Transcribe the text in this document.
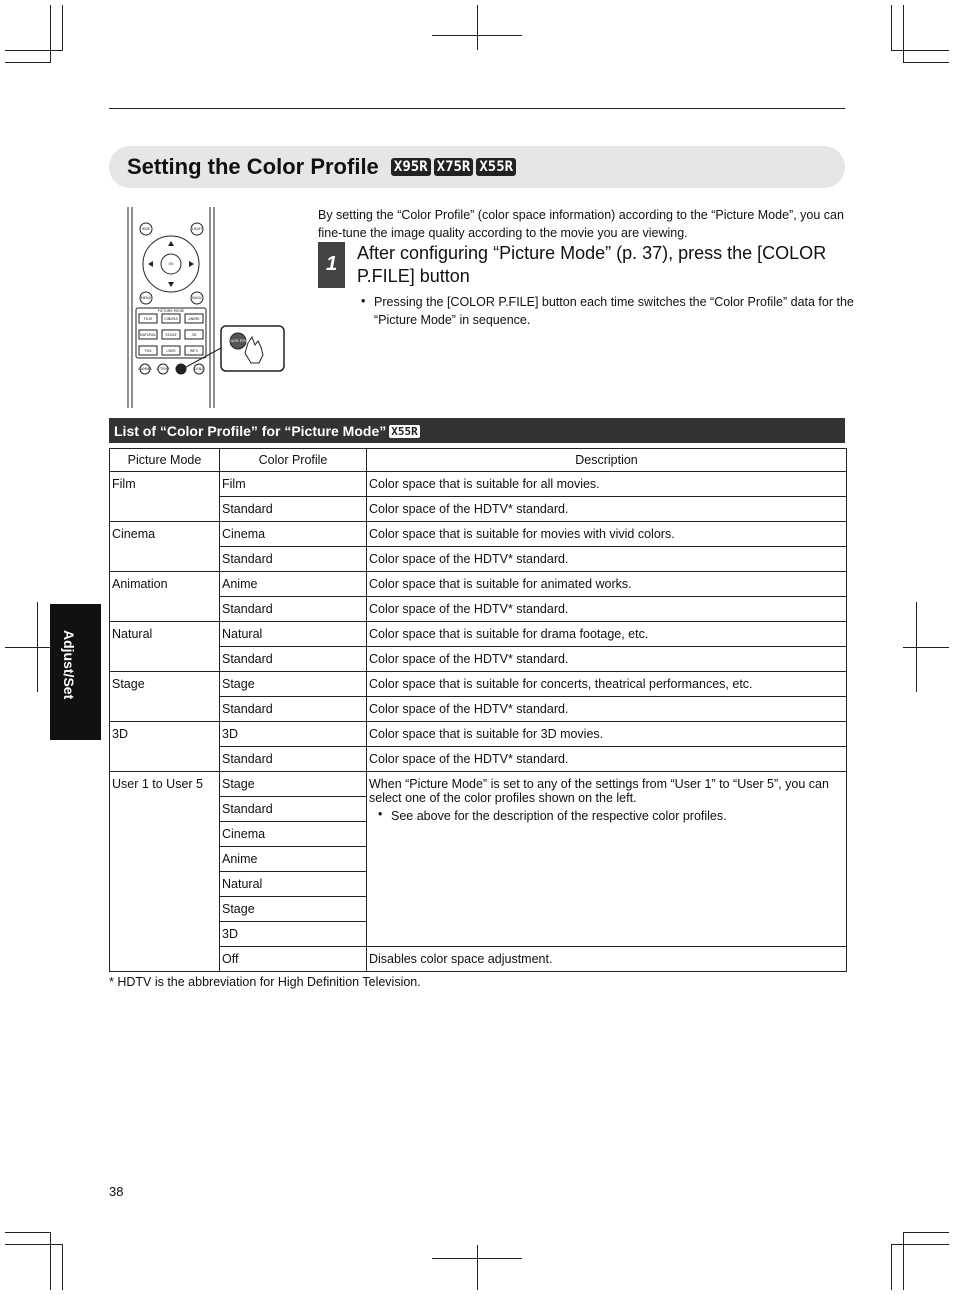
Setting the Color Profile X95R X75R X55R
HIDE	LIGHT
OK
MENU	BACK
PICTURE MODE
FILM	CINEMA	ANIME
NATURAL	STAGE	3D
THX	USER	INFO
GAMMA C.TEMP	LENS
COLOR P.FILE
By setting the “Color Profile” (color space information) according to the “Picture Mode”, you can fine-tune the image quality according to the movie you are viewing.
1	After configuring “Picture Mode” (p. 37), press the [COLOR P.FILE] button
• Pressing the [COLOR P.FILE] button each time switches the “Color Profile” data for the “Picture Mode” in sequence.
List of “Color Profile” for “Picture Mode” X55R
Picture Mode	Color Profile	Description
Film	Film	Color space that is suitable for all movies.
	Standard	Color space of the HDTV* standard.
Cinema	Cinema	Color space that is suitable for movies with vivid colors.
	Standard	Color space of the HDTV* standard.
Animation	Anime	Color space that is suitable for animated works.
	Standard	Color space of the HDTV* standard.
Natural	Natural	Color space that is suitable for drama footage, etc.
	Standard	Color space of the HDTV* standard.
Stage	Stage	Color space that is suitable for concerts, theatrical performances, etc.
	Standard	Color space of the HDTV* standard.
3D	3D	Color space that is suitable for 3D movies.
	Standard	Color space of the HDTV* standard.
User 1 to User 5	Stage	When “Picture Mode” is set to any of the settings from “User 1” to “User 5”, you can select one of the color profiles shown on the left.
• See above for the description of the respective color profiles.

	Standard	
	Cinema	
	Anime	
	Natural	
	Stage	
	3D	
	Off	Disables color space adjustment.
* HDTV is the abbreviation for High Definition Television.
Adjust/Set
38
